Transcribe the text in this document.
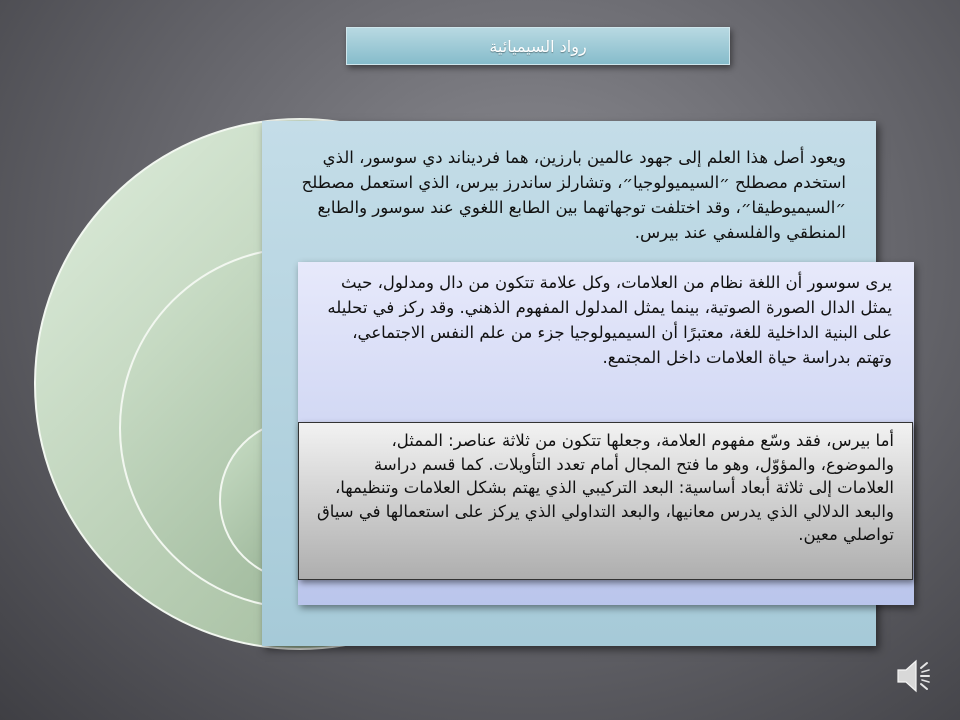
رواد السيميائية
ويعود أصل هذا العلم إلى جهود عالمين بارزين، هما فرديناند دي سوسور، الذي استخدم مصطلح ״السيميولوجيا״، وتشارلز ساندرز بيرس، الذي استعمل مصطلح ״السيميوطيقا״، وقد اختلفت توجهاتهما بين الطابع اللغوي عند سوسور والطابع المنطقي والفلسفي عند بيرس.
يرى سوسور أن اللغة نظام من العلامات، وكل علامة تتكون من دال ومدلول، حيث يمثل الدال الصورة الصوتية، بينما يمثل المدلول المفهوم الذهني. وقد ركز في تحليله على البنية الداخلية للغة، معتبرًا أن السيميولوجيا جزء من علم النفس الاجتماعي، وتهتم بدراسة حياة العلامات داخل المجتمع.
أما بيرس، فقد وسّع مفهوم العلامة، وجعلها تتكون من ثلاثة عناصر: الممثل، والموضوع، والمؤوّل، وهو ما فتح المجال أمام تعدد التأويلات. كما قسم دراسة العلامات إلى ثلاثة أبعاد أساسية: البعد التركيبي الذي يهتم بشكل العلامات وتنظيمها، والبعد الدلالي الذي يدرس معانيها، والبعد التداولي الذي يركز على استعمالها في سياق تواصلي معين.
